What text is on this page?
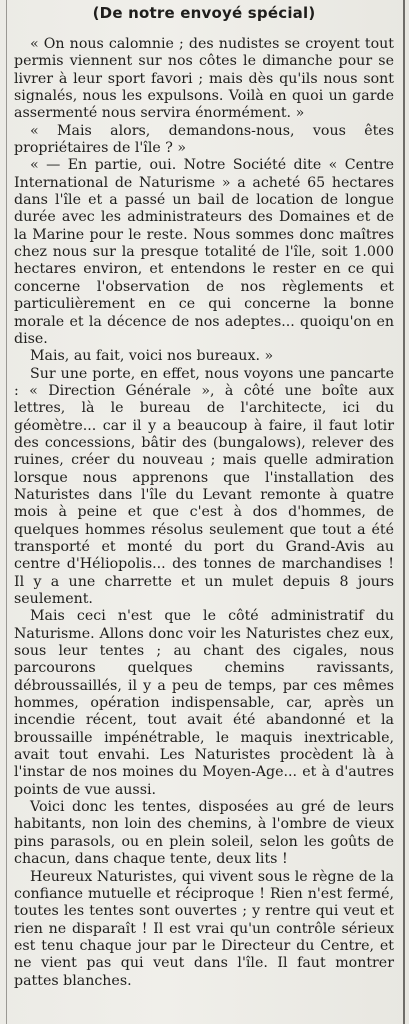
(De notre envoyé spécial)

« On nous calomnie ; des nudistes se croyent tout permis viennent sur nos côtes le dimanche pour se livrer à leur sport favori ; mais dès qu'ils nous sont signalés, nous les expulsons. Voilà en quoi un garde assermenté nous servira énormément. »

« Mais alors, demandons-nous, vous êtes propriétaires de l'île ? »

« — En partie, oui. Notre Société dite « Centre International de Naturisme » a acheté 65 hectares dans l'île et a passé un bail de location de longue durée avec les administrateurs des Domaines et de la Marine pour le reste. Nous sommes donc maîtres chez nous sur la presque totalité de l'île, soit 1.000 hectares environ, et entendons le rester en ce qui concerne l'observation de nos règlements et particulièrement en ce qui concerne la bonne morale et la décence de nos adeptes... quoiqu'on en dise.

Mais, au fait, voici nos bureaux. »

Sur une porte, en effet, nous voyons une pancarte : « Direction Générale », à côté une boîte aux lettres, là le bureau de l'architecte, ici du géomètre... car il y a beaucoup à faire, il faut lotir des concessions, bâtir des (bungalows), relever des ruines, créer du nouveau ; mais quelle admiration lorsque nous apprenons que l'installation des Naturistes dans l'île du Levant remonte à quatre mois à peine et que c'est à dos d'hommes, de quelques hommes résolus seulement que tout a été transporté et monté du port du Grand-Avis au centre d'Héliopolis... des tonnes de marchandises ! Il y a une charrette et un mulet depuis 8 jours seulement.

Mais ceci n'est que le côté administratif du Naturisme. Allons donc voir les Naturistes chez eux, sous leur tentes ; au chant des cigales, nous parcourons quelques chemins ravissants, débroussaillés, il y a peu de temps, par ces mêmes hommes, opération indispensable, car, après un incendie récent, tout avait été abandonné et la broussaille impénétrable, le maquis inextricable, avait tout envahi. Les Naturistes procèdent là à l'instar de nos moines du Moyen-Age... et à d'autres points de vue aussi.

Voici donc les tentes, disposées au gré de leurs habitants, non loin des chemins, à l'ombre de vieux pins parasols, ou en plein soleil, selon les goûts de chacun, dans chaque tente, deux lits !

Heureux Naturistes, qui vivent sous le règne de la confiance mutuelle et réciproque ! Rien n'est fermé, toutes les tentes sont ouvertes ; y rentre qui veut et rien ne disparaît ! Il est vrai qu'un contrôle sérieux est tenu chaque jour par le Directeur du Centre, et ne vient pas qui veut dans l'île. Il faut montrer pattes blanches.
